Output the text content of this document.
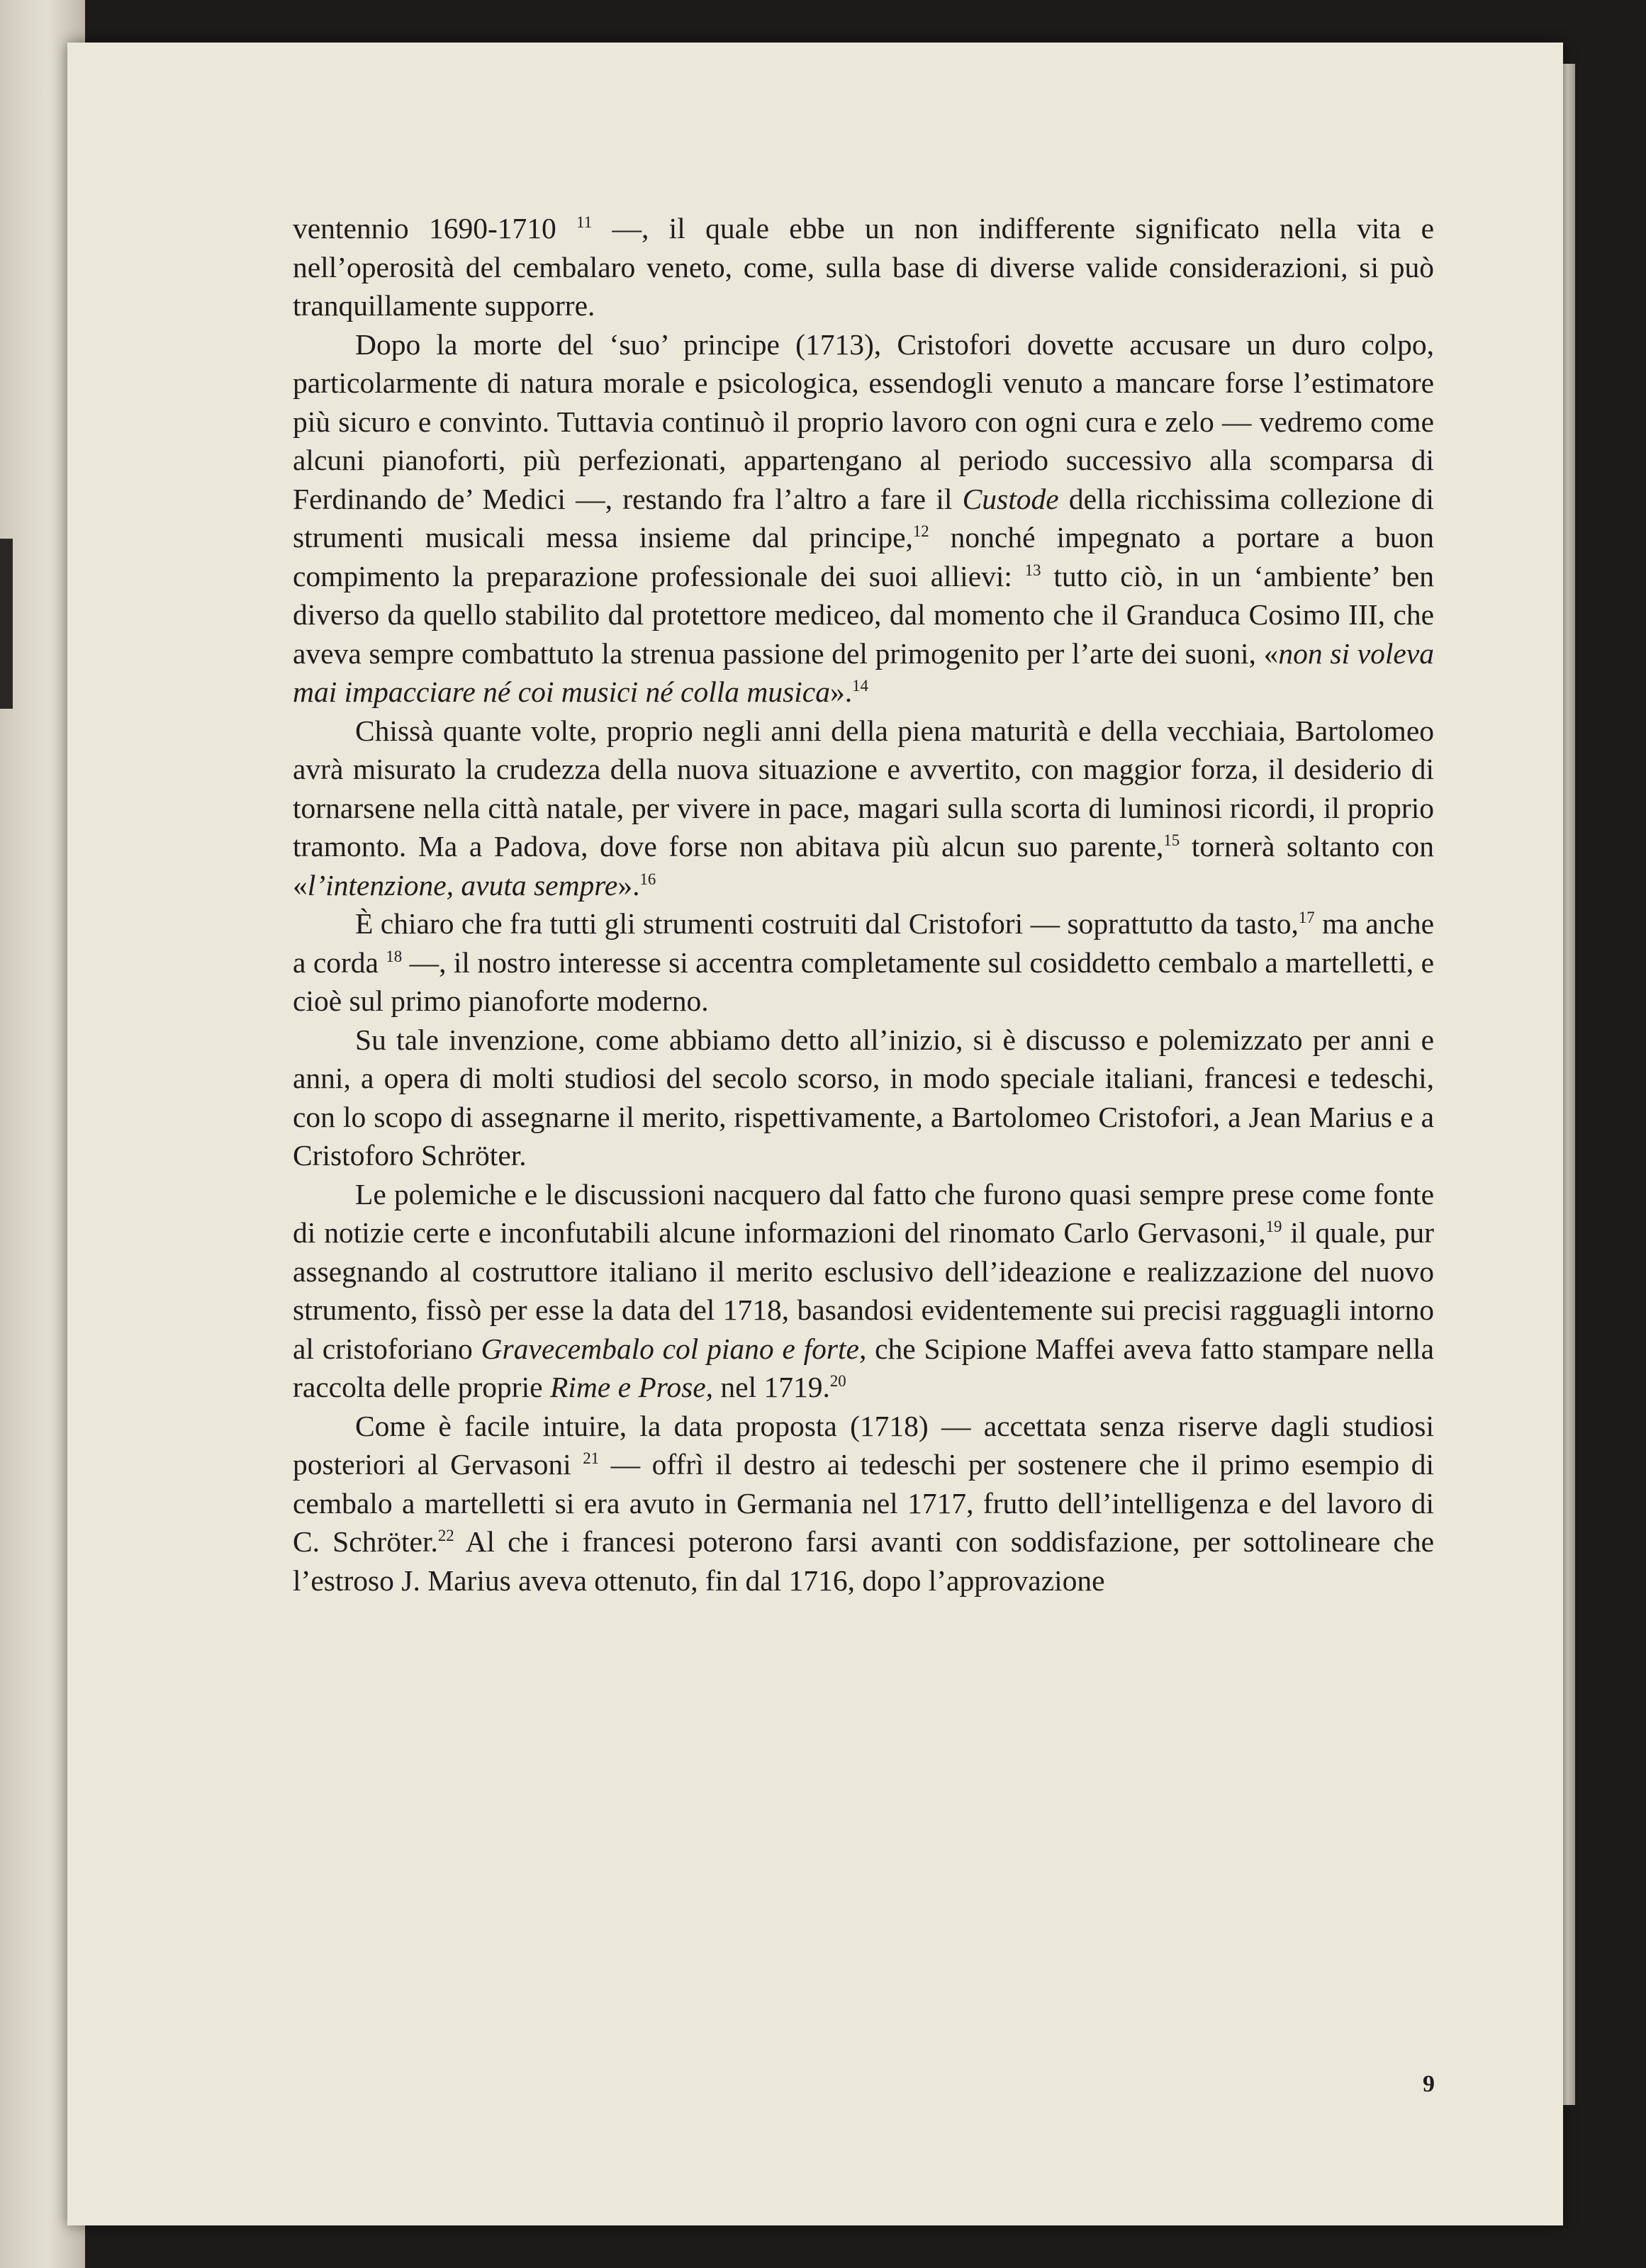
ventennio 1690-1710 $^{11}$ —, il quale ebbe un non indifferente significato nella vita e nell’operosità del cembalaro veneto, come, sulla base di diverse valide considerazioni, si può tranquillamente supporre.

Dopo la morte del ‘suo’ principe (1713), Cristofori dovette accusare un duro colpo, particolarmente di natura morale e psicologica, essendogli venuto a mancare forse l’estimatore più sicuro e convinto. Tuttavia continuò il proprio lavoro con ogni cura e zelo — vedremo come alcuni pianoforti, più perfezionati, appartengano al periodo successivo alla scomparsa di Ferdinando de’ Medici —, restando fra l’altro a fare il Custode della ricchissima collezione di strumenti musicali messa insieme dal principe,$^{12}$ nonché impegnato a portare a buon compimento la preparazione professionale dei suoi allievi: $^{13}$ tutto ciò, in un ‘ambiente’ ben diverso da quello stabilito dal protettore mediceo, dal momento che il Granduca Cosimo III, che aveva sempre combattuto la strenua passione del primogenito per l’arte dei suoni, «non si voleva mai impacciare né coi musici né colla musica».$^{14}$

Chissà quante volte, proprio negli anni della piena maturità e della vecchiaia, Bartolomeo avrà misurato la crudezza della nuova situazione e avvertito, con maggior forza, il desiderio di tornarsene nella città natale, per vivere in pace, magari sulla scorta di luminosi ricordi, il proprio tramonto. Ma a Padova, dove forse non abitava più alcun suo parente,$^{15}$ tornerà soltanto con «l’intenzione, avuta sempre».$^{16}$

È chiaro che fra tutti gli strumenti costruiti dal Cristofori — soprattutto da tasto,$^{17}$ ma anche a corda $^{18}$ —, il nostro interesse si accentra completamente sul cosiddetto cembalo a martelletti, e cioè sul primo pianoforte moderno.

Su tale invenzione, come abbiamo detto all’inizio, si è discusso e polemizzato per anni e anni, a opera di molti studiosi del secolo scorso, in modo speciale italiani, francesi e tedeschi, con lo scopo di assegnarne il merito, rispettivamente, a Bartolomeo Cristofori, a Jean Marius e a Cristoforo Schröter.

Le polemiche e le discussioni nacquero dal fatto che furono quasi sempre prese come fonte di notizie certe e inconfutabili alcune informazioni del rinomato Carlo Gervasoni,$^{19}$ il quale, pur assegnando al costruttore italiano il merito esclusivo dell’ideazione e realizzazione del nuovo strumento, fissò per esse la data del 1718, basandosi evidentemente sui precisi ragguagli intorno al cristoforiano Gravecembalo col piano e forte, che Scipione Maffei aveva fatto stampare nella raccolta delle proprie Rime e Prose, nel 1719.20

Come è facile intuire, la data proposta (1718) — accettata senza riserve dagli studiosi posteriori al Gervasoni $^{21}$ — offrì il destro ai tedeschi per sostenere che il primo esempio di cembalo a martelletti si era avuto in Germania nel 1717, frutto dell’intelligenza e del lavoro di C. Schröter.$^{22}$ Al che i francesi poterono farsi avanti con soddisfazione, per sottolineare che l’estroso J. Marius aveva ottenuto, fin dal 1716, dopo l’approvazione

9
